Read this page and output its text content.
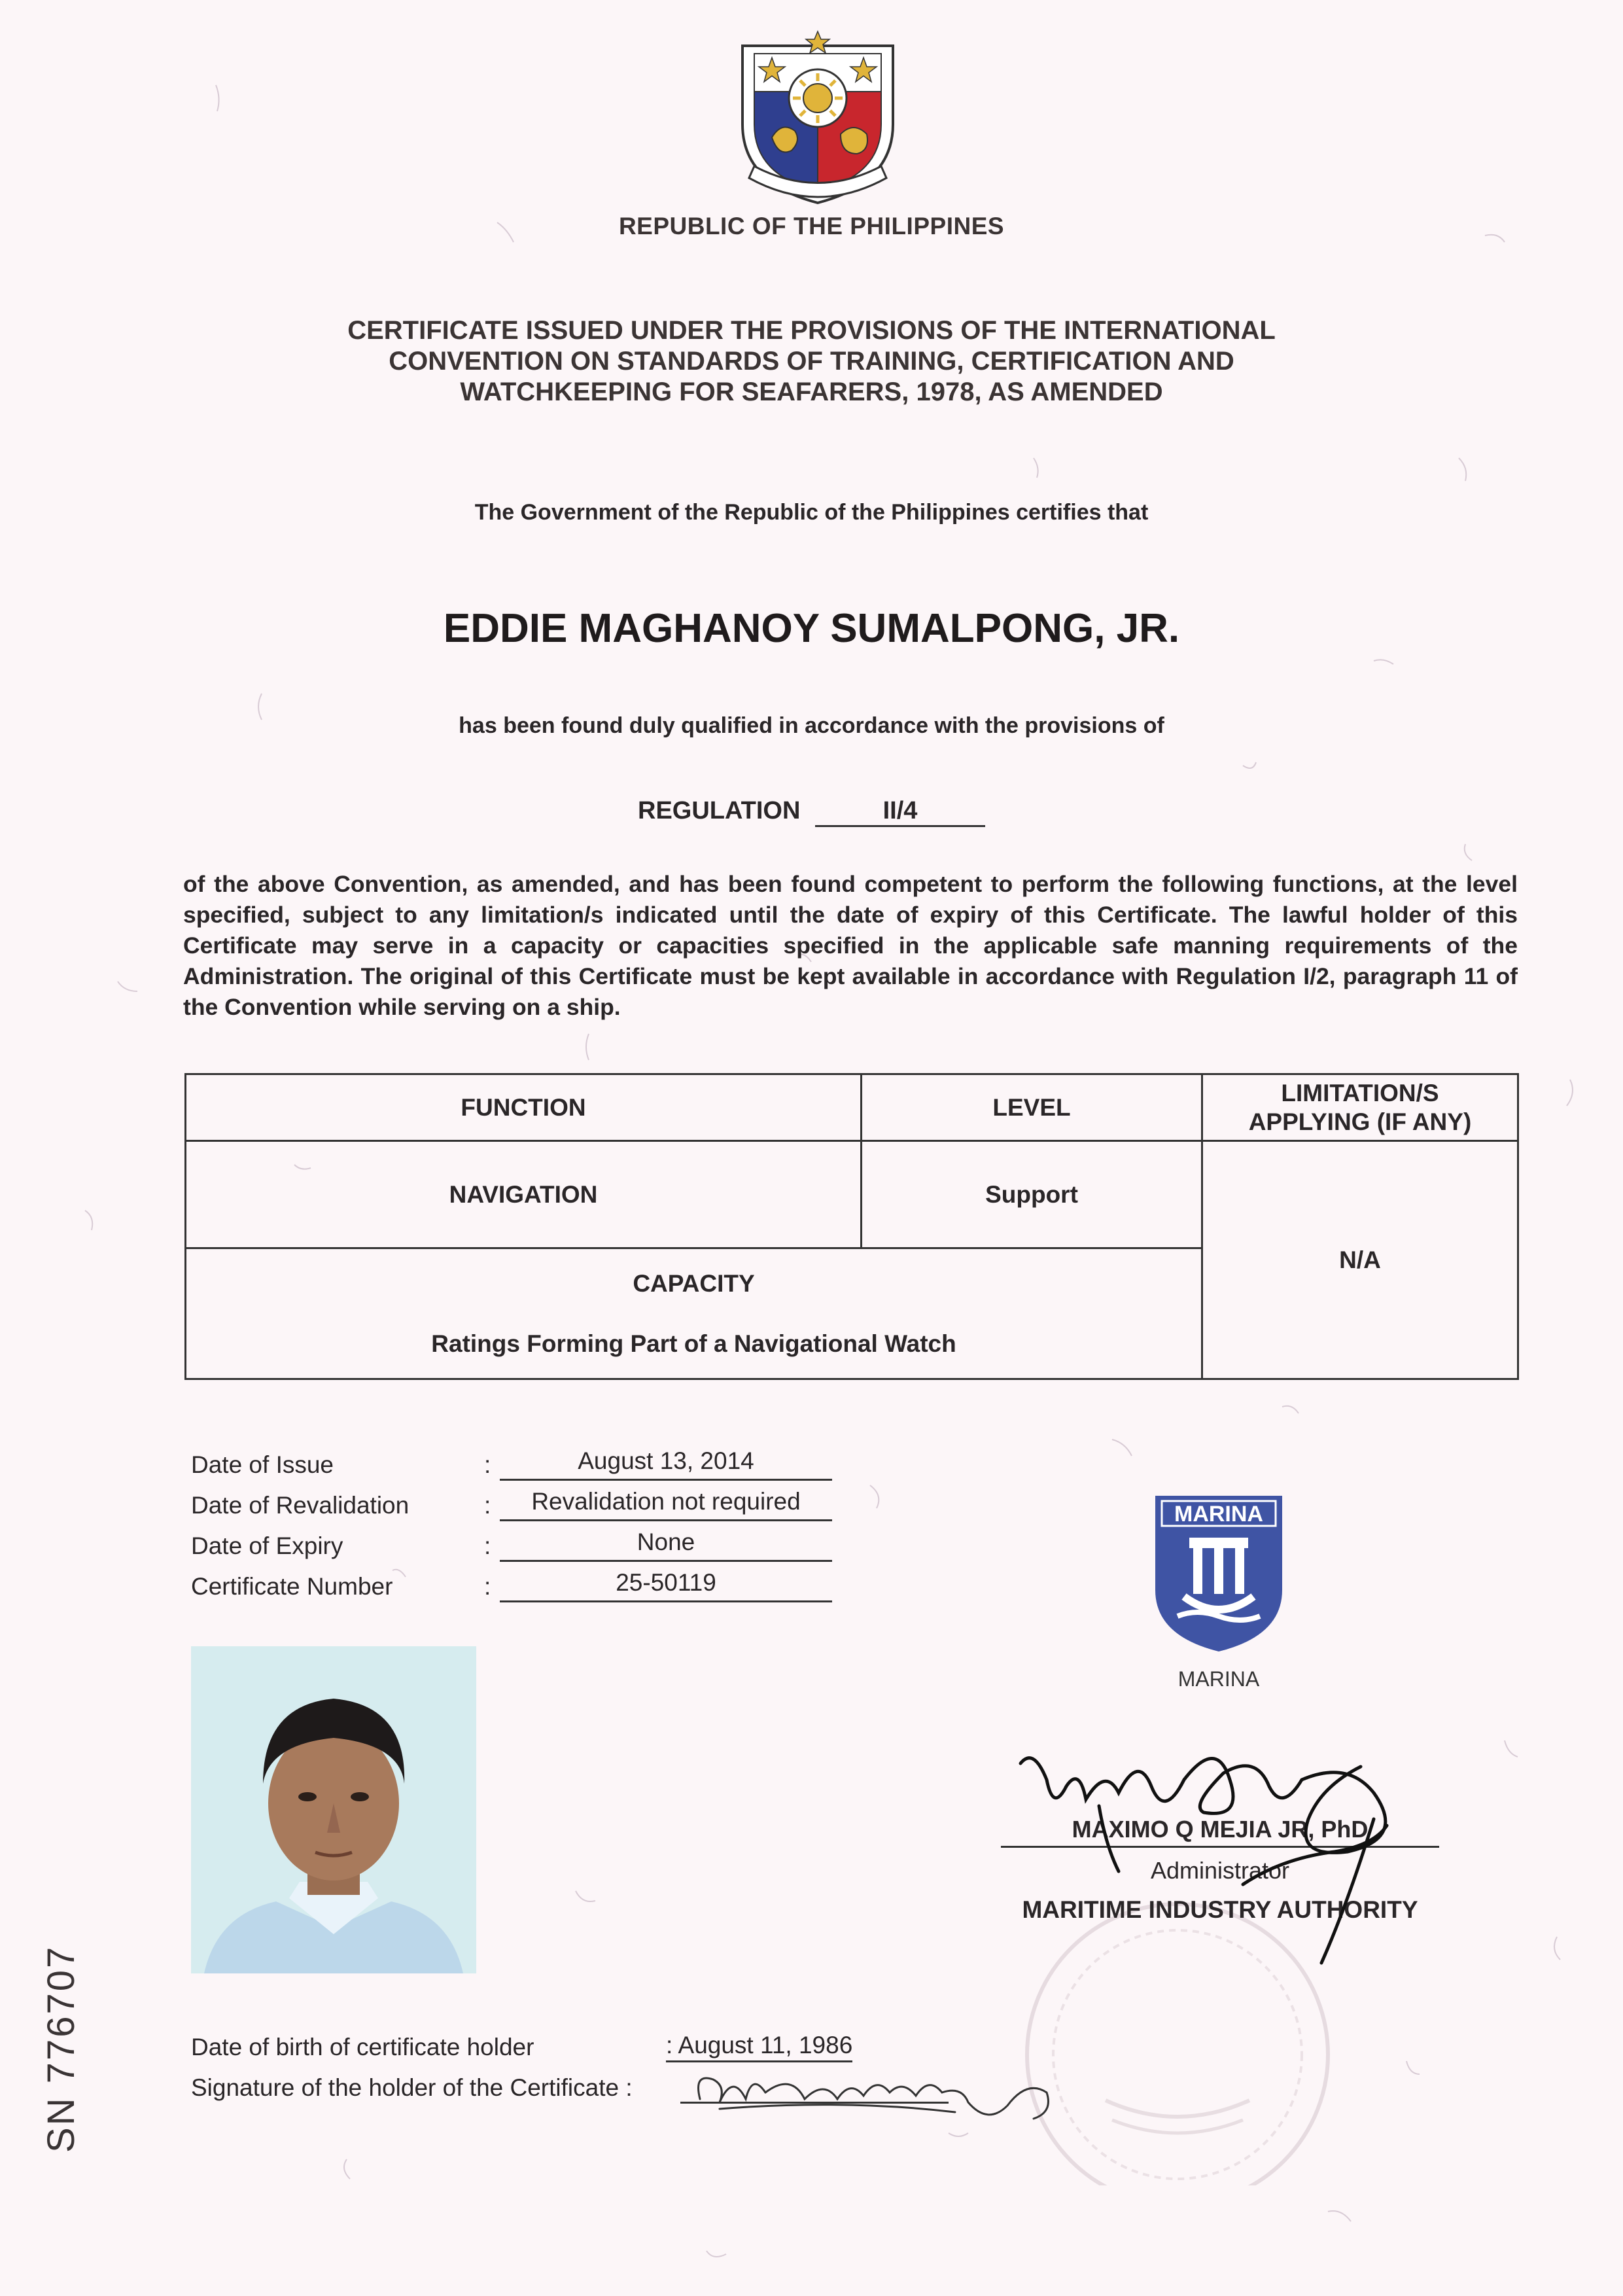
REPUBLIC OF THE PHILIPPINES
CERTIFICATE ISSUED UNDER THE PROVISIONS OF THE INTERNATIONAL
CONVENTION ON STANDARDS OF TRAINING, CERTIFICATION AND
WATCHKEEPING FOR SEAFARERS, 1978, AS AMENDED
The Government of the Republic of the Philippines certifies that
EDDIE MAGHANOY SUMALPONG, JR.
has been found duly qualified in accordance with the provisions of
REGULATION	II/4
of the above Convention, as amended, and has been found competent to perform the following functions, at the level specified, subject to any limitation/s indicated until the date of expiry of this Certificate. The lawful holder of this Certificate may serve in a capacity or capacities specified in the applicable safe manning requirements of the Administration. The original of this Certificate must be kept available in accordance with Regulation I/2, paragraph 11 of the Convention while serving on a ship.
FUNCTION	LEVEL	LIMITATION/S
APPLYING (IF ANY)

NAVIGATION	Support	N/A

CAPACITY
Ratings Forming Part of a Navigational Watch		
Date of Issue	:	August 13, 2014
Date of Revalidation	:	Revalidation not required
Date of Expiry	:	None
Certificate Number	:	25-50119
MARINA
MARINA
MAXIMO Q MEJIA JR, PhD
Administrator
MARITIME INDUSTRY AUTHORITY
Date of birth of certificate holder	: August 11, 1986
Signature of the holder of the Certificate :
SN 776707
